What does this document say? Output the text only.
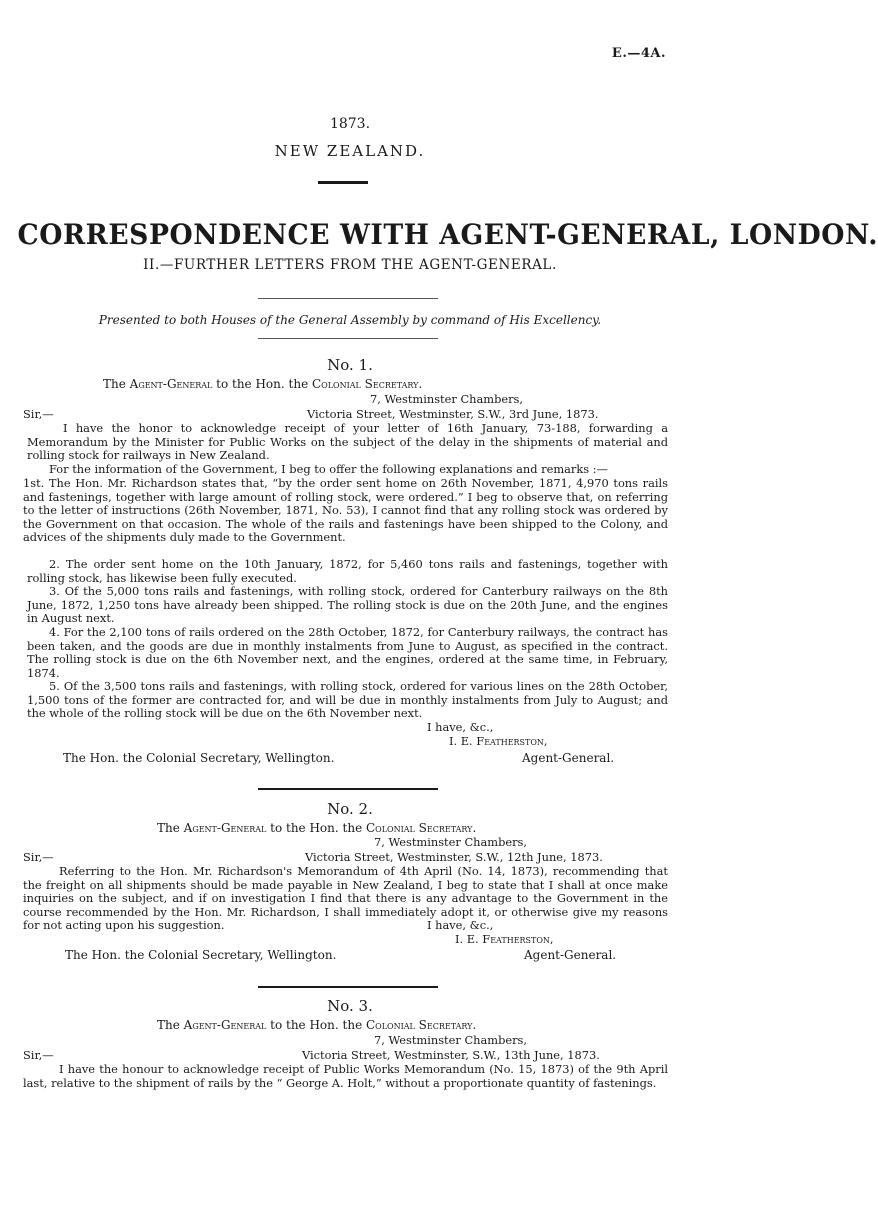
E.—4A.
1873.
NEW ZEALAND.
CORRESPONDENCE WITH AGENT-GENERAL, LONDON.
II.—FURTHER LETTERS FROM THE AGENT-GENERAL.
Presented to both Houses of the General Assembly by command of His Excellency.
No. 1.
The Agent-General to the Hon. the Colonial Secretary.
7, Westminster Chambers,
Sir,—	Victoria Street, Westminster, S.W., 3rd June, 1873.
I have the honor to acknowledge receipt of your letter of 16th January, 73-188, forwarding a Memorandum by the Minister for Public Works on the subject of the delay in the shipments of material and rolling stock for railways in New Zealand.
For the information of the Government, I beg to offer the following explanations and remarks :—
1st. The Hon. Mr. Richardson states that, “by the order sent home on 26th November, 1871, 4,970 tons rails and fastenings, together with large amount of rolling stock, were ordered.” I beg to observe that, on referring to the letter of instructions (26th November, 1871, No. 53), I cannot find that any rolling stock was ordered by the Government on that occasion. The whole of the rails and fastenings have been shipped to the Colony, and advices of the shipments duly made to the Government.
2. The order sent home on the 10th January, 1872, for 5,460 tons rails and fastenings, together with rolling stock, has likewise been fully executed.
3. Of the 5,000 tons rails and fastenings, with rolling stock, ordered for Canterbury railways on the 8th June, 1872, 1,250 tons have already been shipped. The rolling stock is due on the 20th June, and the engines in August next.
4. For the 2,100 tons of rails ordered on the 28th October, 1872, for Canterbury railways, the contract has been taken, and the goods are due in monthly instalments from June to August, as specified in the contract. The rolling stock is due on the 6th November next, and the engines, ordered at the same time, in February, 1874.
5. Of the 3,500 tons rails and fastenings, with rolling stock, ordered for various lines on the 28th October, 1,500 tons of the former are contracted for, and will be due in monthly instalments from July to August; and the whole of the rolling stock will be due on the 6th November next.
I have, &c.,
I. E. Featherston,
The Hon. the Colonial Secretary, Wellington.	Agent-General.
No. 2.
The Agent-General to the Hon. the Colonial Secretary.
7, Westminster Chambers,
Sir,—	Victoria Street, Westminster, S.W., 12th June, 1873.
Referring to the Hon. Mr. Richardson's Memorandum of 4th April (No. 14, 1873), recommending that the freight on all shipments should be made payable in New Zealand, I beg to state that I shall at once make inquiries on the subject, and if on investigation I find that there is any advantage to the Government in the course recommended by the Hon. Mr. Richardson, I shall immediately adopt it, or otherwise give my reasons for not acting upon his suggestion.	I have, &c.,
I. E. Featherston,
The Hon. the Colonial Secretary, Wellington.	Agent-General.
No. 3.
The Agent-General to the Hon. the Colonial Secretary.
7, Westminster Chambers,
Sir,—	Victoria Street, Westminster, S.W., 13th June, 1873.
I have the honour to acknowledge receipt of Public Works Memorandum (No. 15, 1873) of the 9th April last, relative to the shipment of rails by the “ George A. Holt,” without a proportionate quantity of fastenings.
